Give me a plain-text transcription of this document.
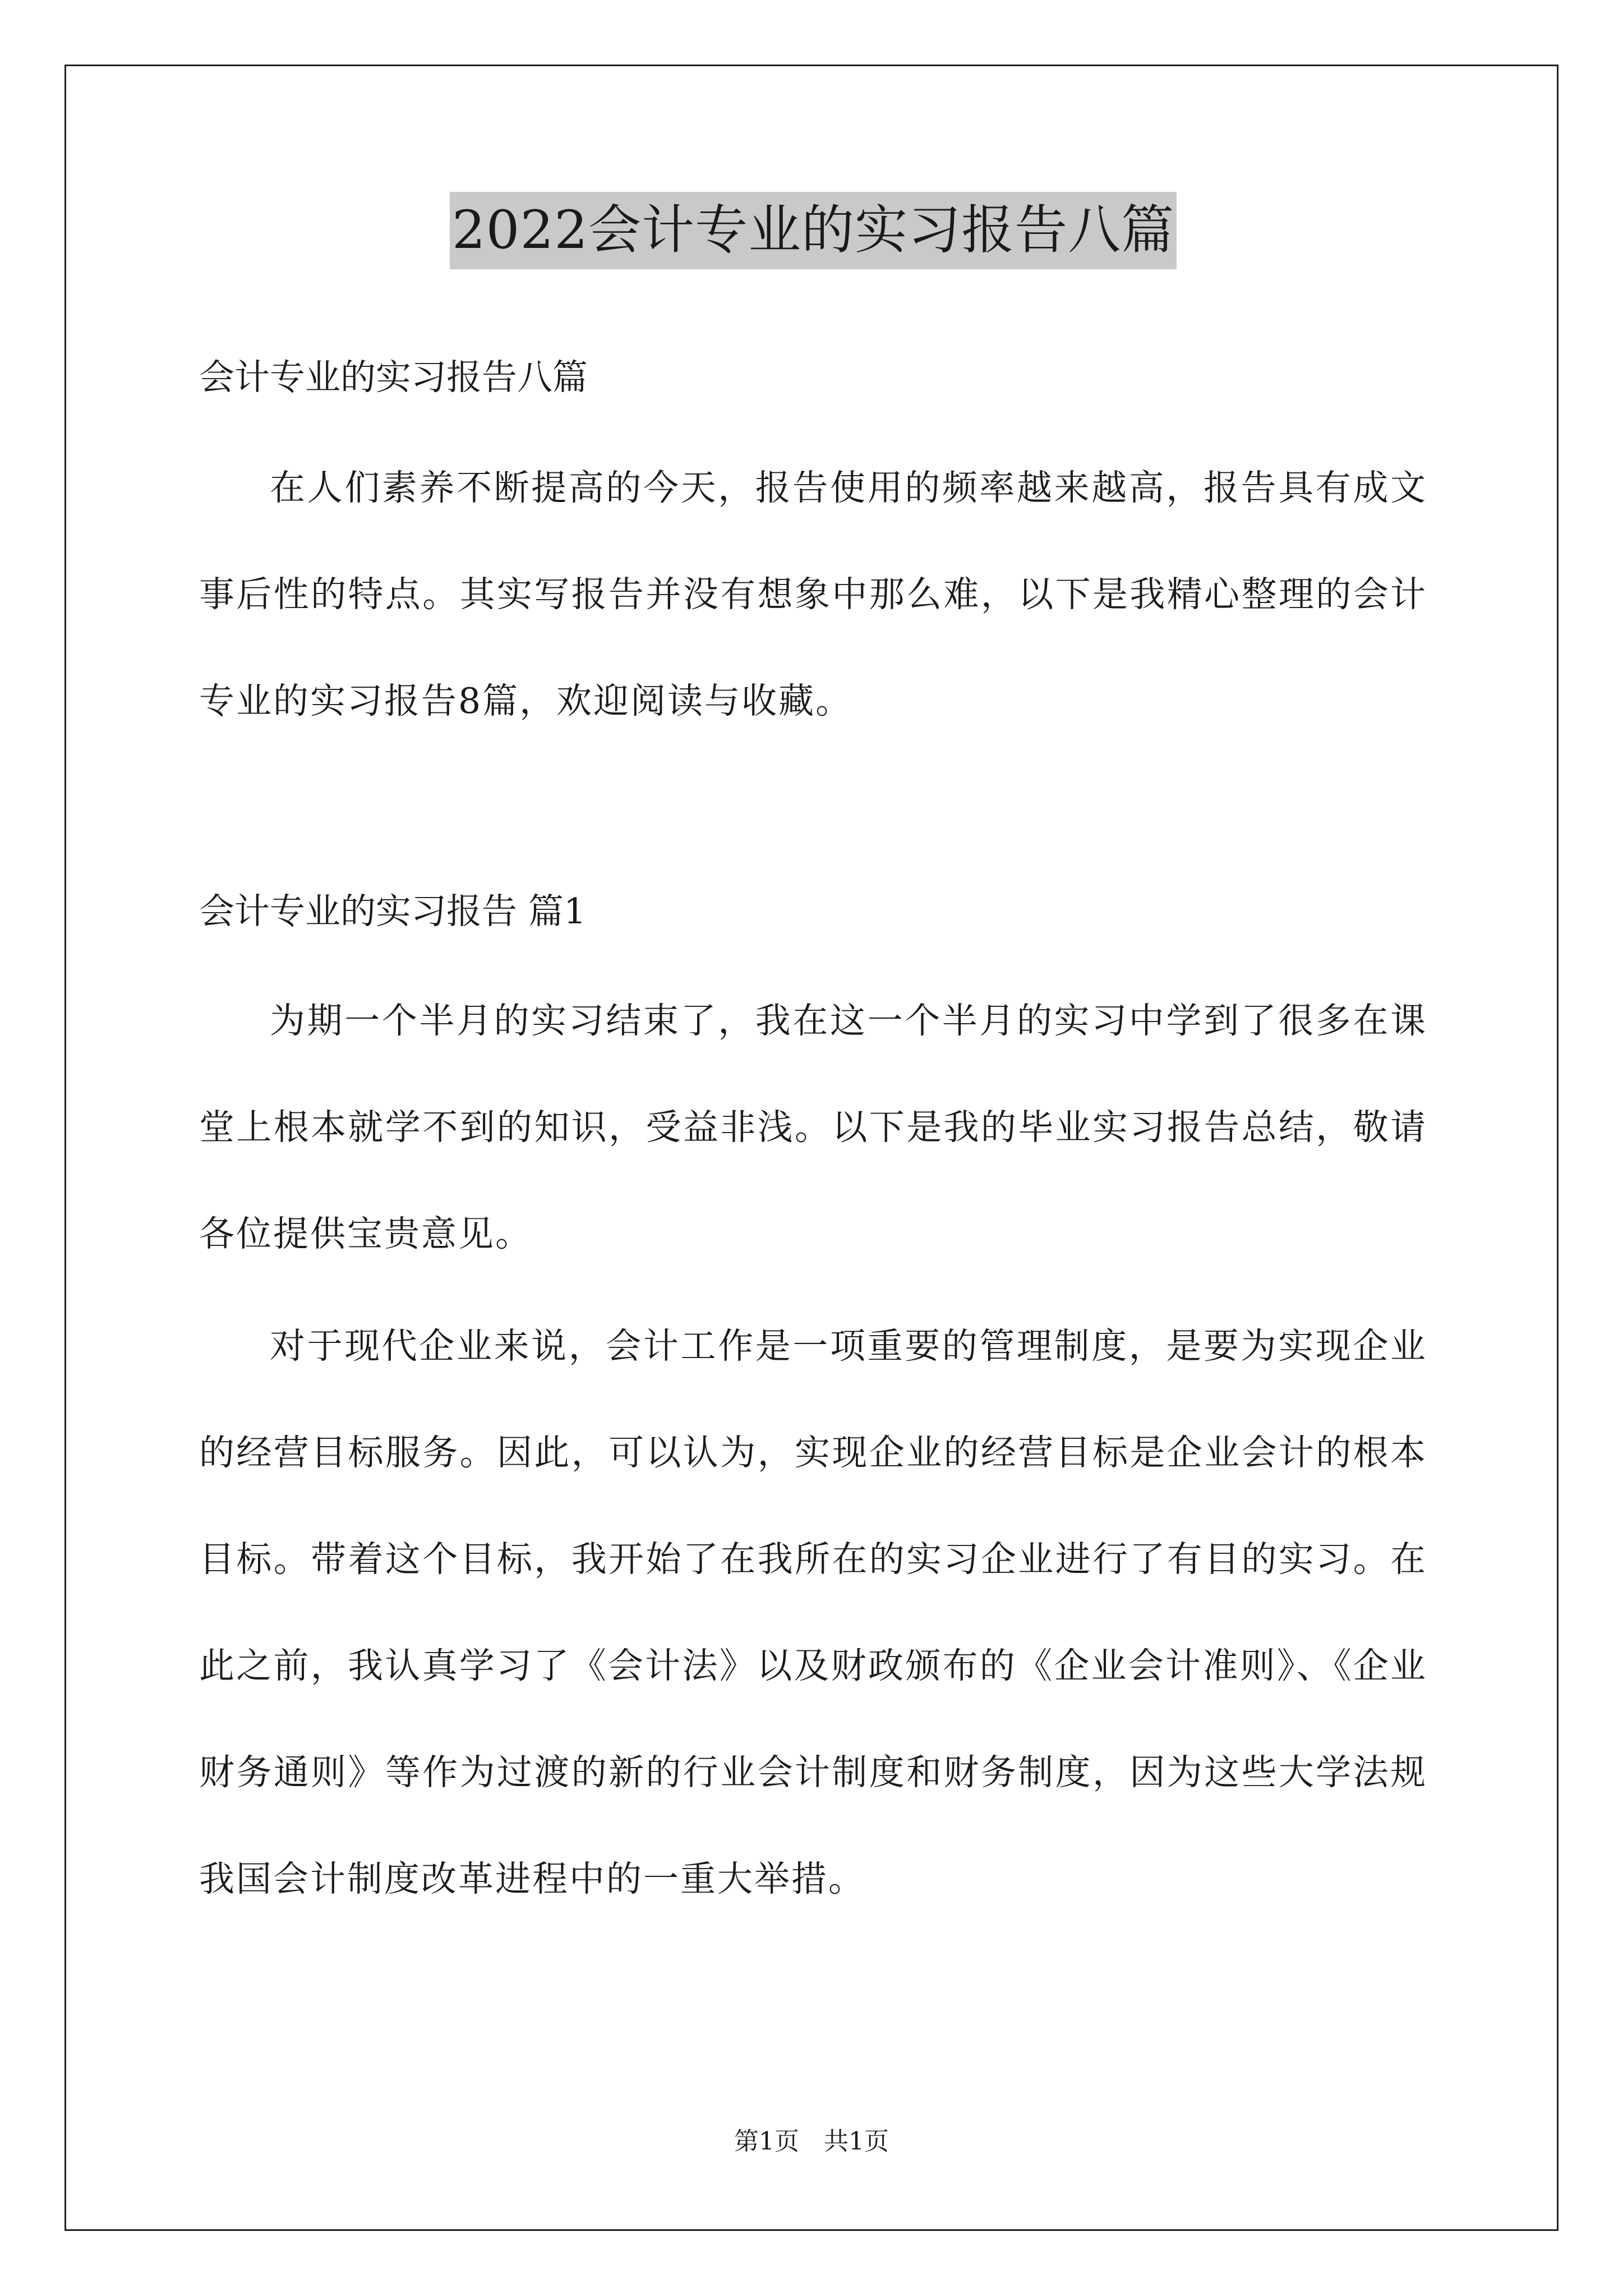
2022会计专业的实习报告八篇
会计专业的实习报告八篇

在人们素养不断提高的今天，报告使用的频率越来越高，报告具有成文事后性的特点。其实写报告并没有想象中那么难，以下是我精心整理的会计专业的实习报告8篇，欢迎阅读与收藏。

会计专业的实习报告 篇1

为期一个半月的实习结束了，我在这一个半月的实习中学到了很多在课堂上根本就学不到的知识，受益非浅。以下是我的毕业实习报告总结，敬请各位提供宝贵意见。

对于现代企业来说，会计工作是一项重要的管理制度，是要为实现企业的经营目标服务。因此，可以认为，实现企业的经营目标是企业会计的根本目标。带着这个目标，我开始了在我所在的实习企业进行了有目的实习。在此之前，我认真学习了《会计法》以及财政颁布的《企业会计准则》、《企业财务通则》等作为过渡的新的行业会计制度和财务制度，因为这些大学法规我国会计制度改革进程中的一重大举措。

第1页 共1页
